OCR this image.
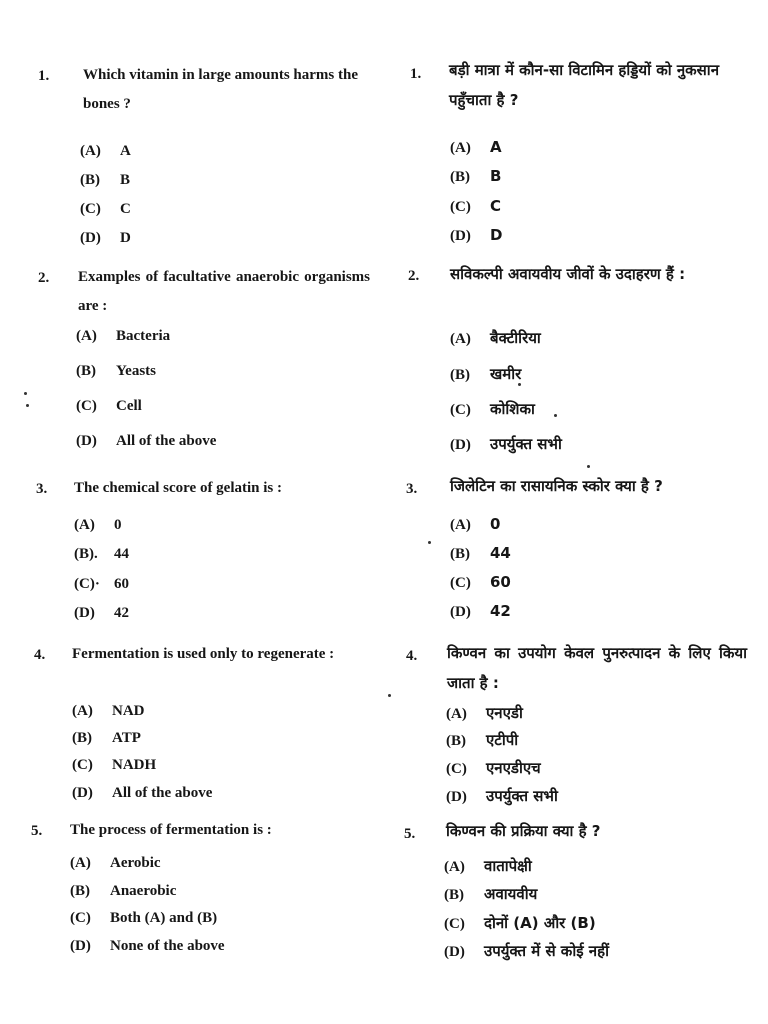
1. Which vitamin in large amounts harms the bones ?
(A) A
(B) B
(C) C
(D) D
2. Examples of facultative anaerobic organisms are :
(A) Bacteria
(B) Yeasts
(C) Cell
(D) All of the above
3. The chemical score of gelatin is :
(A) 0
(B). 44
(C)· 60
(D) 42
4. Fermentation is used only to regenerate :
(A) NAD
(B) ATP
(C) NADH
(D) All of the above
5. The process of fermentation is :
(A) Aerobic
(B) Anaerobic
(C) Both (A) and (B)
(D) None of the above
1. बड़ी मात्रा में कौन-सा विटामिन हड्डियों को नुकसान पहुँचाता है ?
(A) A
(B) B
(C) C
(D) D
2. सविकल्पी अवायवीय जीवों के उदाहरण हैं :
(A) बैक्टीरिया
(B) खमीर
(C) कोशिका
(D) उपर्युक्त सभी
3. जिलेटिन का रासायनिक स्कोर क्या है ?
(A) 0
(B) 44
(C) 60
(D) 42
4. किण्वन का उपयोग केवल पुनरुत्पादन के लिए किया जाता है :
(A) एनएडी
(B) एटीपी
(C) एनएडीएच
(D) उपर्युक्त सभी
5. किण्वन की प्रक्रिया क्या है ?
(A) वातापेक्षी
(B) अवायवीय
(C) दोनों (A) और (B)
(D) उपर्युक्त में से कोई नहीं
